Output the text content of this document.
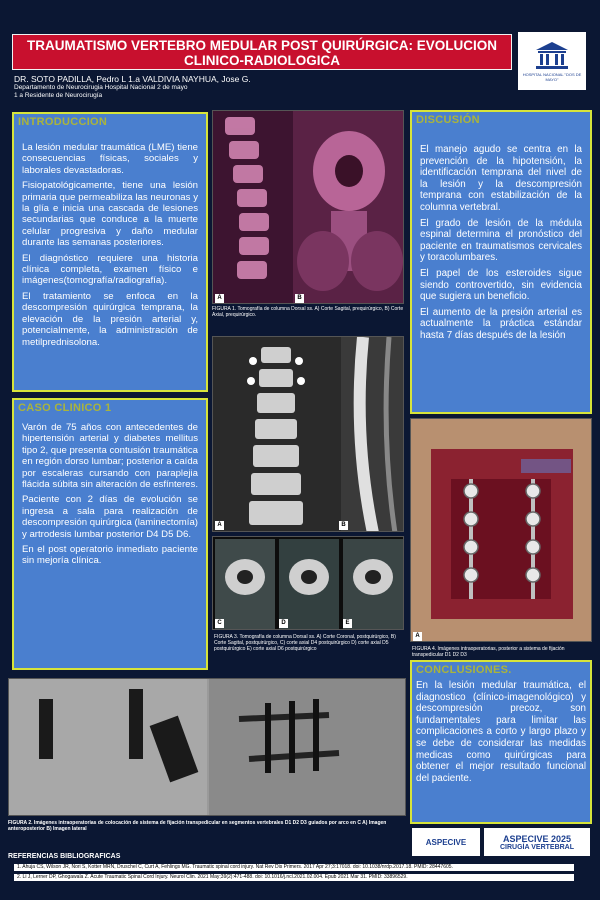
TRAUMATISMO VERTEBRO MEDULAR POST QUIRÚRGICA: EVOLUCION
CLINICO-RADIOLOGICA
HOSPITAL NACIONAL "DOS DE MAYO"
DR. SOTO PADILLA, Pedro L 1.a VALDIVIA NAYHUA, Jose G.
Departamento de Neurocirugia Hospital Nacional 2 de mayo
1 a Residente de Neurocirugía
INTRODUCCION

La lesión medular traumática (LME) tiene consecuencias físicas, sociales y laborales devastadoras.

Fisiopatológicamente, tiene una lesión primaria que permeabiliza las neuronas y la glía e inicia una cascada de lesiones secundarias que conduce a la muerte celular progresiva y daño medular durante las semanas posteriores.

El diagnóstico requiere una historia clínica completa, examen físico e imágenes(tomografía/radiografía).

El tratamiento se enfoca en la descompresión quirúrgica temprana, la elevación de la presión arterial y, potencialmente, la administración de metilprednisolona.

CASO CLINICO 1

Varón de 75 años con antecedentes de hipertensión arterial y diabetes mellitus tipo 2, que presenta contusión traumática en región dorso lumbar; posterior a caída por escaleras cursando con paraplejia flácida súbita sin alteración de esfínteres.

Paciente con 2 días de evolución se ingresa a sala para realización de descompresión quirúrgica (laminectomía) y artrodesis lumbar posterior D4 D5 D6.

En el post operatorio inmediato paciente sin mejoría clínica.

A	B
FIGURA 1. Tomografía de columna Dorsal ss. A) Corte Sagital, prequirúrgico, B) Corte Axial, prequirúrgico.
A	B
C	D	E
FIGURA 3. Tomografía de columna Dorsal ss. A) Corte Coronal, postquirúrgico, B) Corte Sagital, postquirúrgico, C) corte axial D4 postquirúrgico D) corte axial D5 postquirúrgico E) corte axial D6 postquirúrgico
DISCUSIÓN

El manejo agudo se centra en la prevención de la hipotensión, la identificación temprana del nivel de la lesión y la descompresión temprana con estabilización de la columna vertebral.

El grado de lesión de la médula espinal determina el pronóstico del paciente en traumatismos cervicales y toracolumbares.

El papel de los esteroides sigue siendo controvertido, sin evidencia que sugiera un beneficio.

El aumento de la presión arterial es actualmente la práctica estándar hasta 7 días después de la lesión

A
FIGURA 4. Imágenes intraoperatorias, posterior a sistema de fijación transpedicular D1 D2 D3
CONCLUSIONES.

En la lesión medular traumática, el diagnostico (clínico-imagenológico) y descompresión precoz, son fundamentales para limitar las complicaciones a corto y largo plazo y se debe de considerar las medidas medicas como quirúrgicas para obtener el mejor resultado funcional del paciente.

FIGURA 2. Imágenes intraoperatorias de colocación de sistema de fijación transpedicular en segmentos vertebrales D1 D2 D3 guiados por arco en C A) Imagen anteroposterior B) Imagen lateral
ASPECIVE	ASPECIVE 2025
CIRUGÍA VERTEBRAL
REFERENCIAS BIBLIOGRAFICAS
1. Ahuja CS, Wilson JR, Nori S, Kotter MRN, Druschel C, Curt A, Fehlings MG. Traumatic spinal cord injury. Nat Rev Dis Primers. 2017 Apr 27;3:17018. doi: 10.1038/nrdp.2017.18. PMID: 28447605.
2. Li J, Lerner DP, Ghogawala Z. Acute Traumatic Spinal Cord Injury. Neurol Clin. 2021 May;39(2):471-488. doi: 10.1016/j.ncl.2021.02.004. Epub 2021 Mar 31. PMID: 33896529.
